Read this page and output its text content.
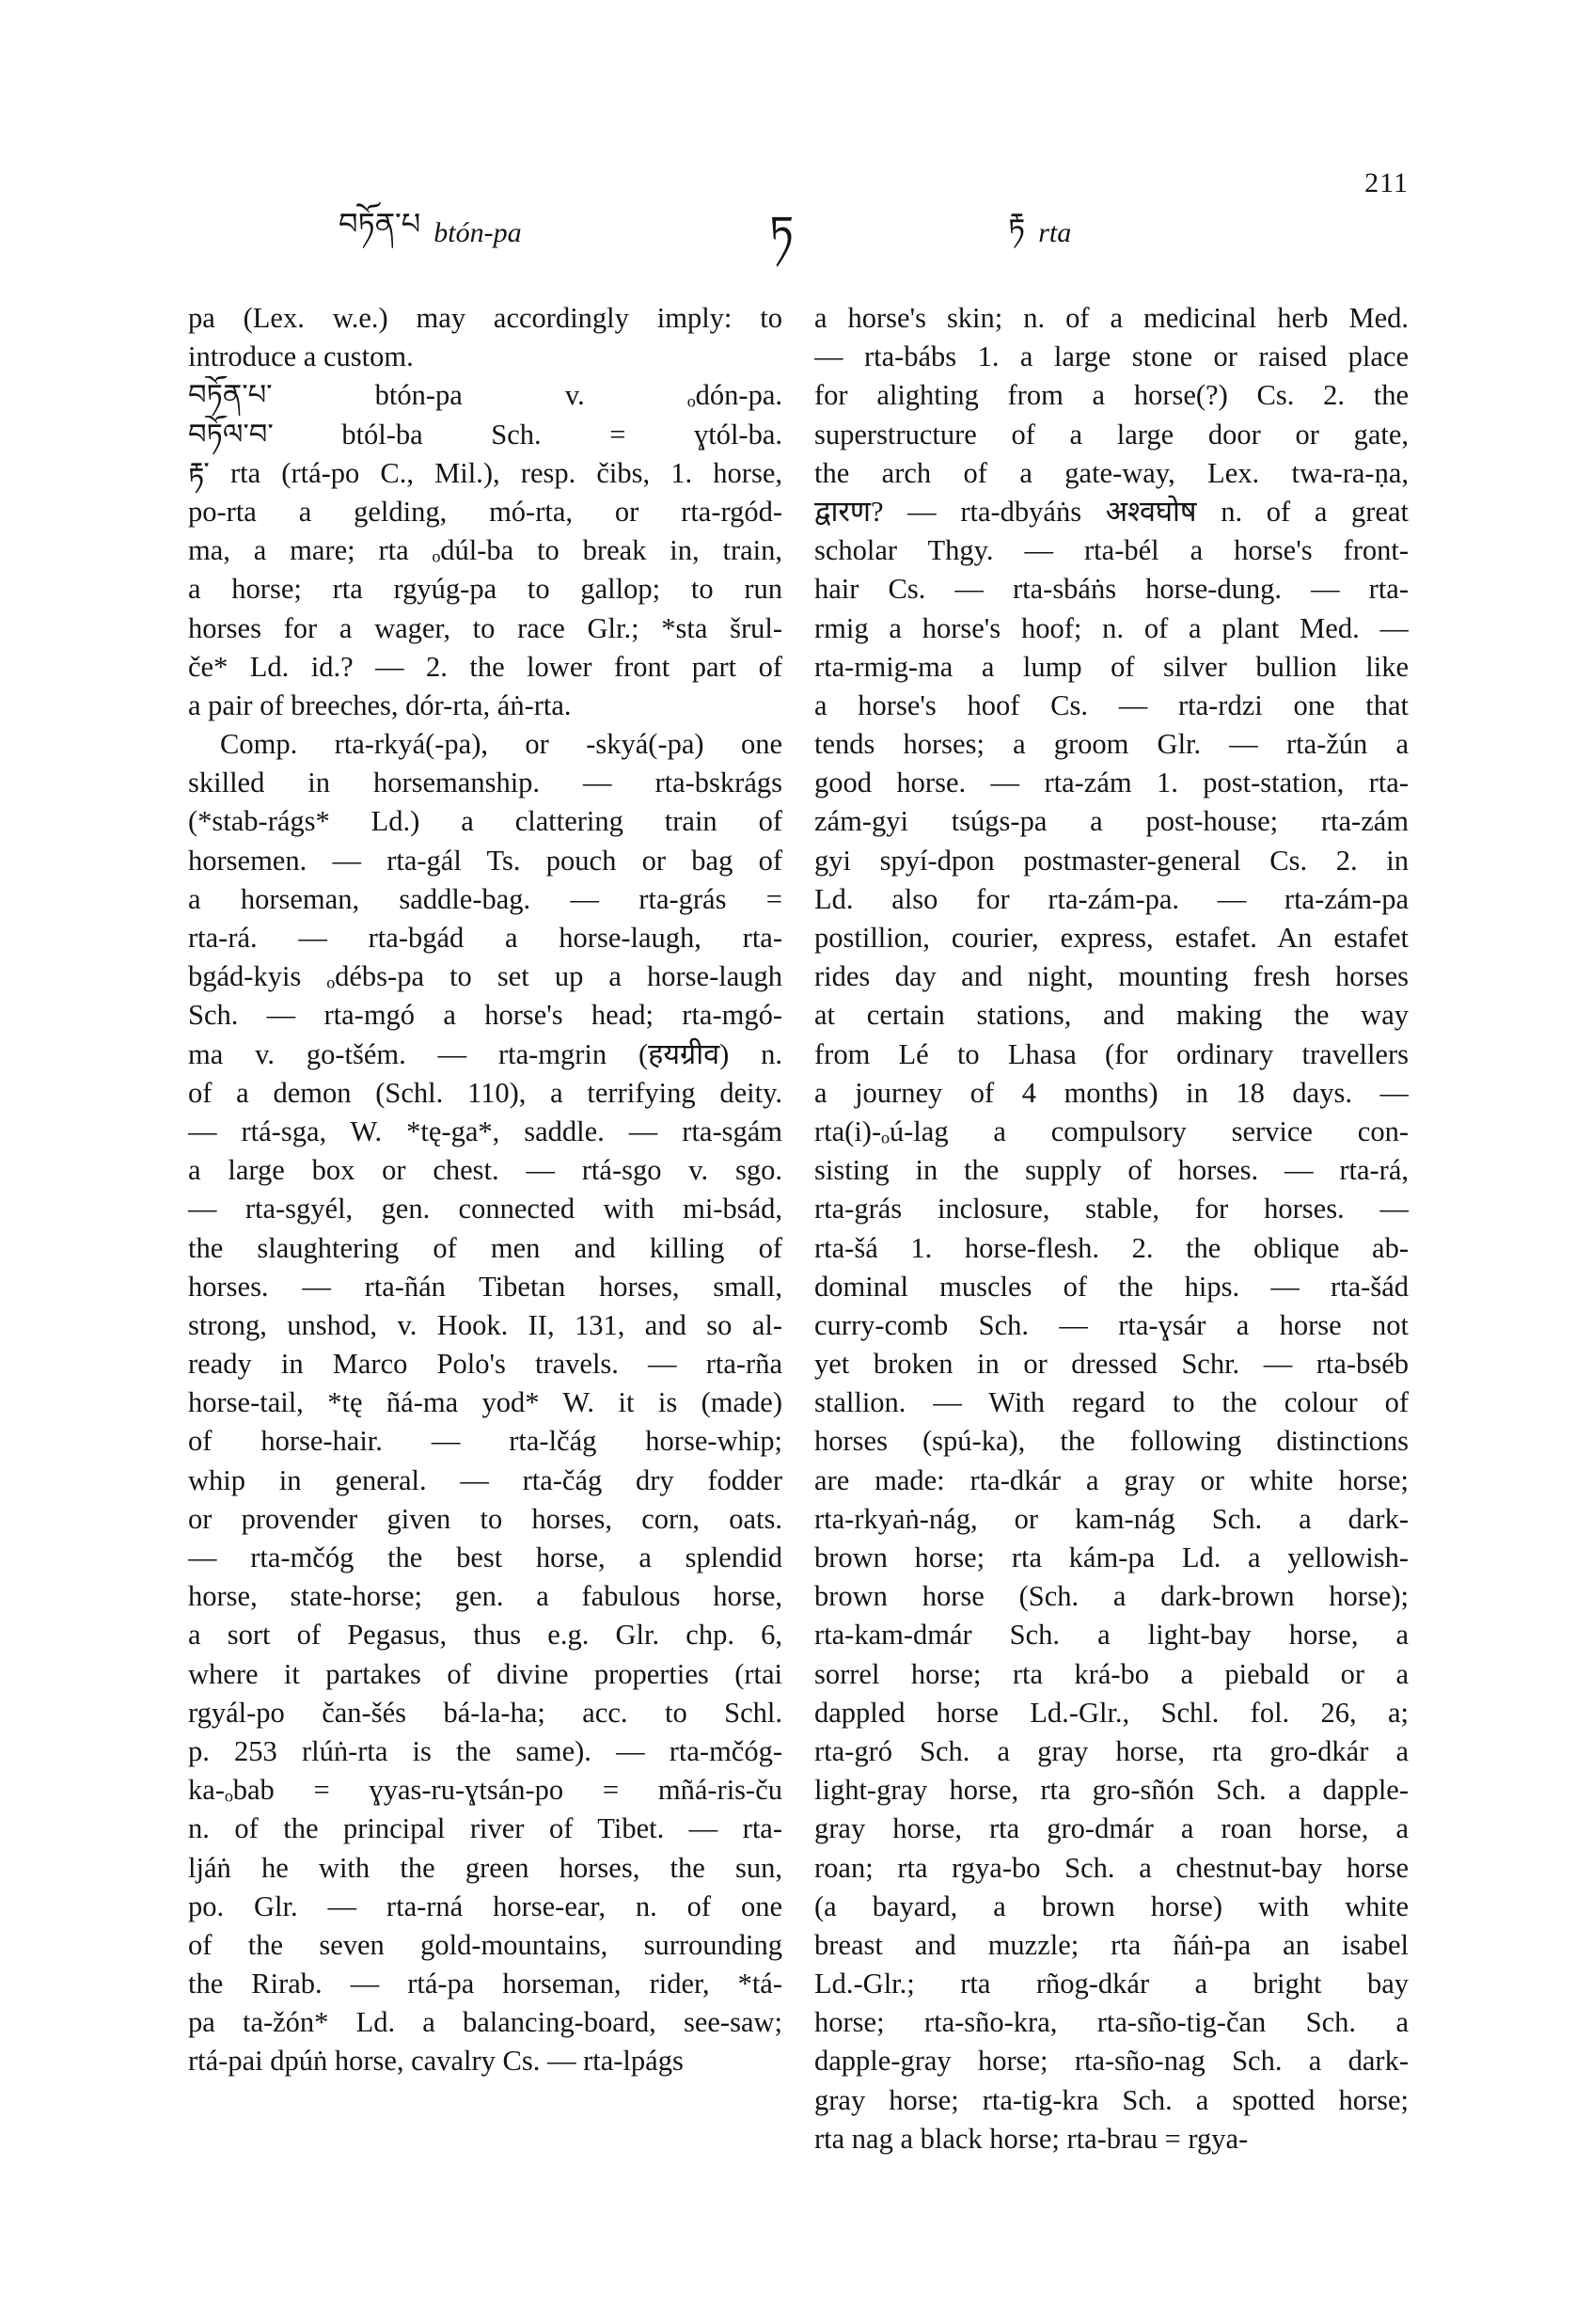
211
བཏོན་པ btón-pa	ཏ	རྟ rta
pa (Lex. w.e.) may accordingly imply: to
introduce a custom.
བཏོན་པ་ btón-pa v. ₒdón-pa.
བཏོལ་བ་ btól-ba Sch. = ɣtól-ba.
རྟ་ rta (rtá-po C., Mil.), resp. čibs, 1. horse,
po-rta a gelding, mó-rta, or rta-rgód-
ma, a mare; rta ₒdúl-ba to break in, train,
a horse; rta rgyúg-pa to gallop; to run
horses for a wager, to race Glr.; *sta šrul-
če* Ld. id.? — 2. the lower front part of
a pair of breeches, dór-rta, áṅ-rta.
Comp. rta-rkyá(-pa), or -skyá(-pa) one
skilled in horsemanship. — rta-bskrágs
(*stab-rágs* Ld.) a clattering train of
horsemen. — rta-gál Ts. pouch or bag of
a horseman, saddle-bag. — rta-grás =
rta-rá. — rta-bgád a horse-laugh, rta-
bgád-kyis ₒdébs-pa to set up a horse-laugh
Sch. — rta-mgó a horse's head; rta-mgó-
ma v. go-tšém. — rta-mgrin (हयग्रीव) n.
of a demon (Schl. 110), a terrifying deity.
— rtá-sga, W. *tę-ga*, saddle. — rta-sgám
a large box or chest. — rtá-sgo v. sgo.
— rta-sgyél, gen. connected with mi-bsád,
the slaughtering of men and killing of
horses. — rta-ñán Tibetan horses, small,
strong, unshod, v. Hook. II, 131, and so al-
ready in Marco Polo's travels. — rta-rña
horse-tail, *tę ñá-ma yod* W. it is (made)
of horse-hair. — rta-lčág horse-whip;
whip in general. — rta-čág dry fodder
or provender given to horses, corn, oats.
— rta-mčóg the best horse, a splendid
horse, state-horse; gen. a fabulous horse,
a sort of Pegasus, thus e.g. Glr. chp. 6,
where it partakes of divine properties (rtai
rgyál-po čan-šés bá-la-ha; acc. to Schl.
p. 253 rlúṅ-rta is the same). — rta-mčóg-
ka-ₒbab = ɣyas-ru-ɣtsán-po = mñá-ris-ču
n. of the principal river of Tibet. — rta-
ljáṅ he with the green horses, the sun,
po. Glr. — rta-rná horse-ear, n. of one
of the seven gold-mountains, surrounding
the Rirab. — rtá-pa horseman, rider, *tá-
pa ta-žón* Ld. a balancing-board, see-saw;
rtá-pai dpúṅ horse, cavalry Cs. — rta-lpágs
a horse's skin; n. of a medicinal herb Med.
— rta-bábs 1. a large stone or raised place
for alighting from a horse(?) Cs. 2. the
superstructure of a large door or gate,
the arch of a gate-way, Lex. twa-ra-ṇa,
द्वारण? — rta-dbyáṅs अश्वघोष n. of a great
scholar Thgy. — rta-bél a horse's front-
hair Cs. — rta-sbáṅs horse-dung. — rta-
rmig a horse's hoof; n. of a plant Med. —
rta-rmig-ma a lump of silver bullion like
a horse's hoof Cs. — rta-rdzi one that
tends horses; a groom Glr. — rta-žún a
good horse. — rta-zám 1. post-station, rta-
zám-gyi tsúgs-pa a post-house; rta-zám
gyi spyí-dpon postmaster-general Cs. 2. in
Ld. also for rta-zám-pa. — rta-zám-pa
postillion, courier, express, estafet. An estafet
rides day and night, mounting fresh horses
at certain stations, and making the way
from Lé to Lhasa (for ordinary travellers
a journey of 4 months) in 18 days. —
rta(i)-ₒú-lag a compulsory service con-
sisting in the supply of horses. — rta-rá,
rta-grás inclosure, stable, for horses. —
rta-šá 1. horse-flesh. 2. the oblique ab-
dominal muscles of the hips. — rta-šád
curry-comb Sch. — rta-ɣsár a horse not
yet broken in or dressed Schr. — rta-bséb
stallion. — With regard to the colour of
horses (spú-ka), the following distinctions
are made: rta-dkár a gray or white horse;
rta-rkyaṅ-nág, or kam-nág Sch. a dark-
brown horse; rta kám-pa Ld. a yellowish-
brown horse (Sch. a dark-brown horse);
rta-kam-dmár Sch. a light-bay horse, a
sorrel horse; rta krá-bo a piebald or a
dappled horse Ld.-Glr., Schl. fol. 26, a;
rta-gró Sch. a gray horse, rta gro-dkár a
light-gray horse, rta gro-sñón Sch. a dapple-
gray horse, rta gro-dmár a roan horse, a
roan; rta rgya-bo Sch. a chestnut-bay horse
(a bayard, a brown horse) with white
breast and muzzle; rta ñáṅ-pa an isabel
Ld.-Glr.; rta rñog-dkár a bright bay
horse; rta-sño-kra, rta-sño-tig-čan Sch. a
dapple-gray horse; rta-sño-nag Sch. a dark-
gray horse; rta-tig-kra Sch. a spotted horse;
rta nag a black horse; rta-brau = rgya-
